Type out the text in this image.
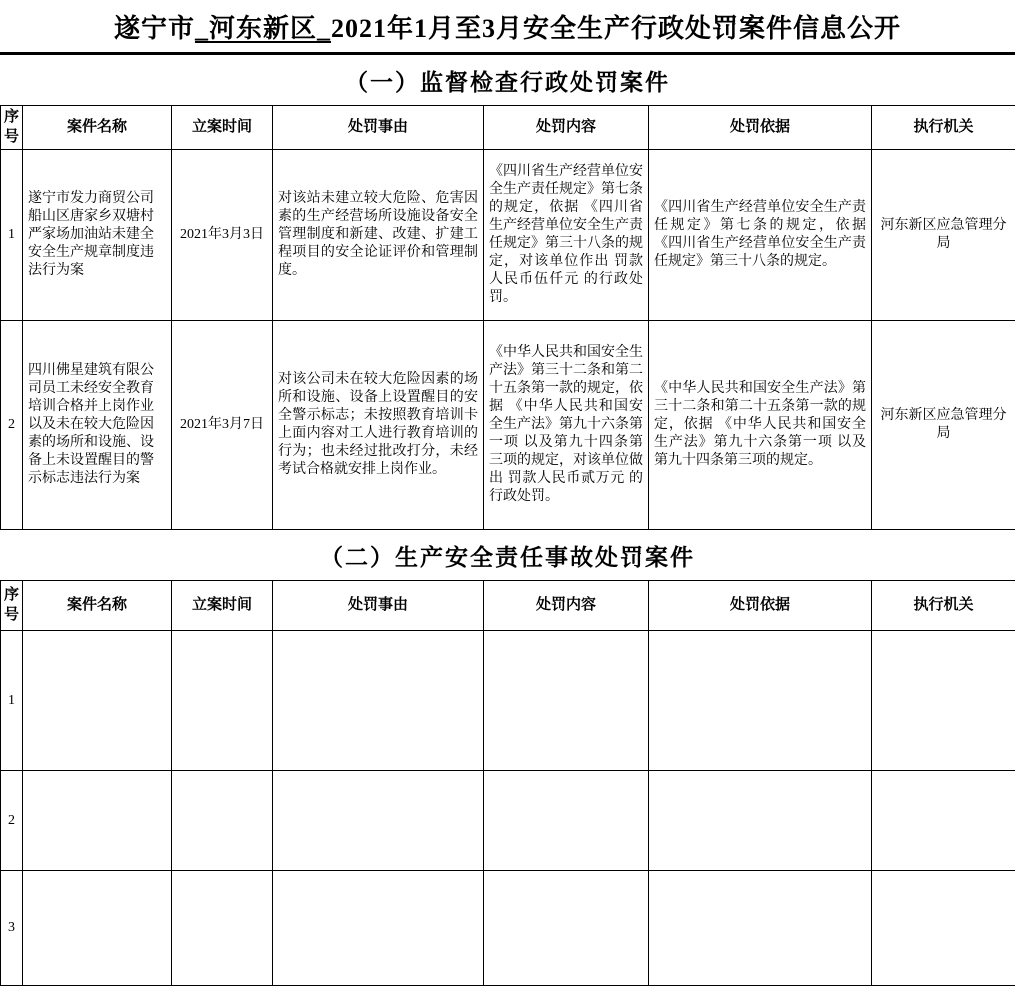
遂宁市 _河东新区_ 2021年1月至3月安全生产行政处罚案件信息公开
（一）监督检查行政处罚案件
序号	案件名称	立案时间	处罚事由	处罚内容	处罚依据	执行机关
1	遂宁市发力商贸公司船山区唐家乡双塘村严家场加油站未建全安全生产规章制度违法行为案	2021年3月3日	对该站未建立较大危险、危害因素的生产经营场所设施设备安全管理制度和新建、改建、扩建工程项目的安全论证评价和管理制度。	《四川省生产经营单位安全生产责任规定》第七条的规定，依据 《四川省生产经营单位安全生产责任规定》第三十八条的规定，对该单位作出 罚款人民币伍仟元 的行政处罚。	《四川省生产经营单位安全生产责任规定》第七条的规定，依据 《四川省生产经营单位安全生产责任规定》第三十八条的规定。	河东新区应急管理分局
2	四川佛星建筑有限公司员工未经安全教育培训合格并上岗作业以及未在较大危险因素的场所和设施、设备上未设置醒目的警示标志违法行为案	2021年3月7日	对该公司未在较大危险因素的场所和设施、设备上设置醒目的安全警示标志；未按照教育培训卡上面内容对工人进行教育培训的行为；也未经过批改打分，未经考试合格就安排上岗作业。	《中华人民共和国安全生产法》第三十二条和第二十五条第一款的规定，依据 《中华人民共和国安全生产法》第九十六条第一项 以及第九十四条第三项的规定，对该单位做出 罚款人民币贰万元 的行政处罚。	《中华人民共和国安全生产法》第三十二条和第二十五条第一款的规定，依据 《中华人民共和国安全生产法》第九十六条第一项 以及第九十四条第三项的规定。	河东新区应急管理分局
（二）生产安全责任事故处罚案件
序号	案件名称	立案时间	处罚事由	处罚内容	处罚依据	执行机关
1						
2						
3						
